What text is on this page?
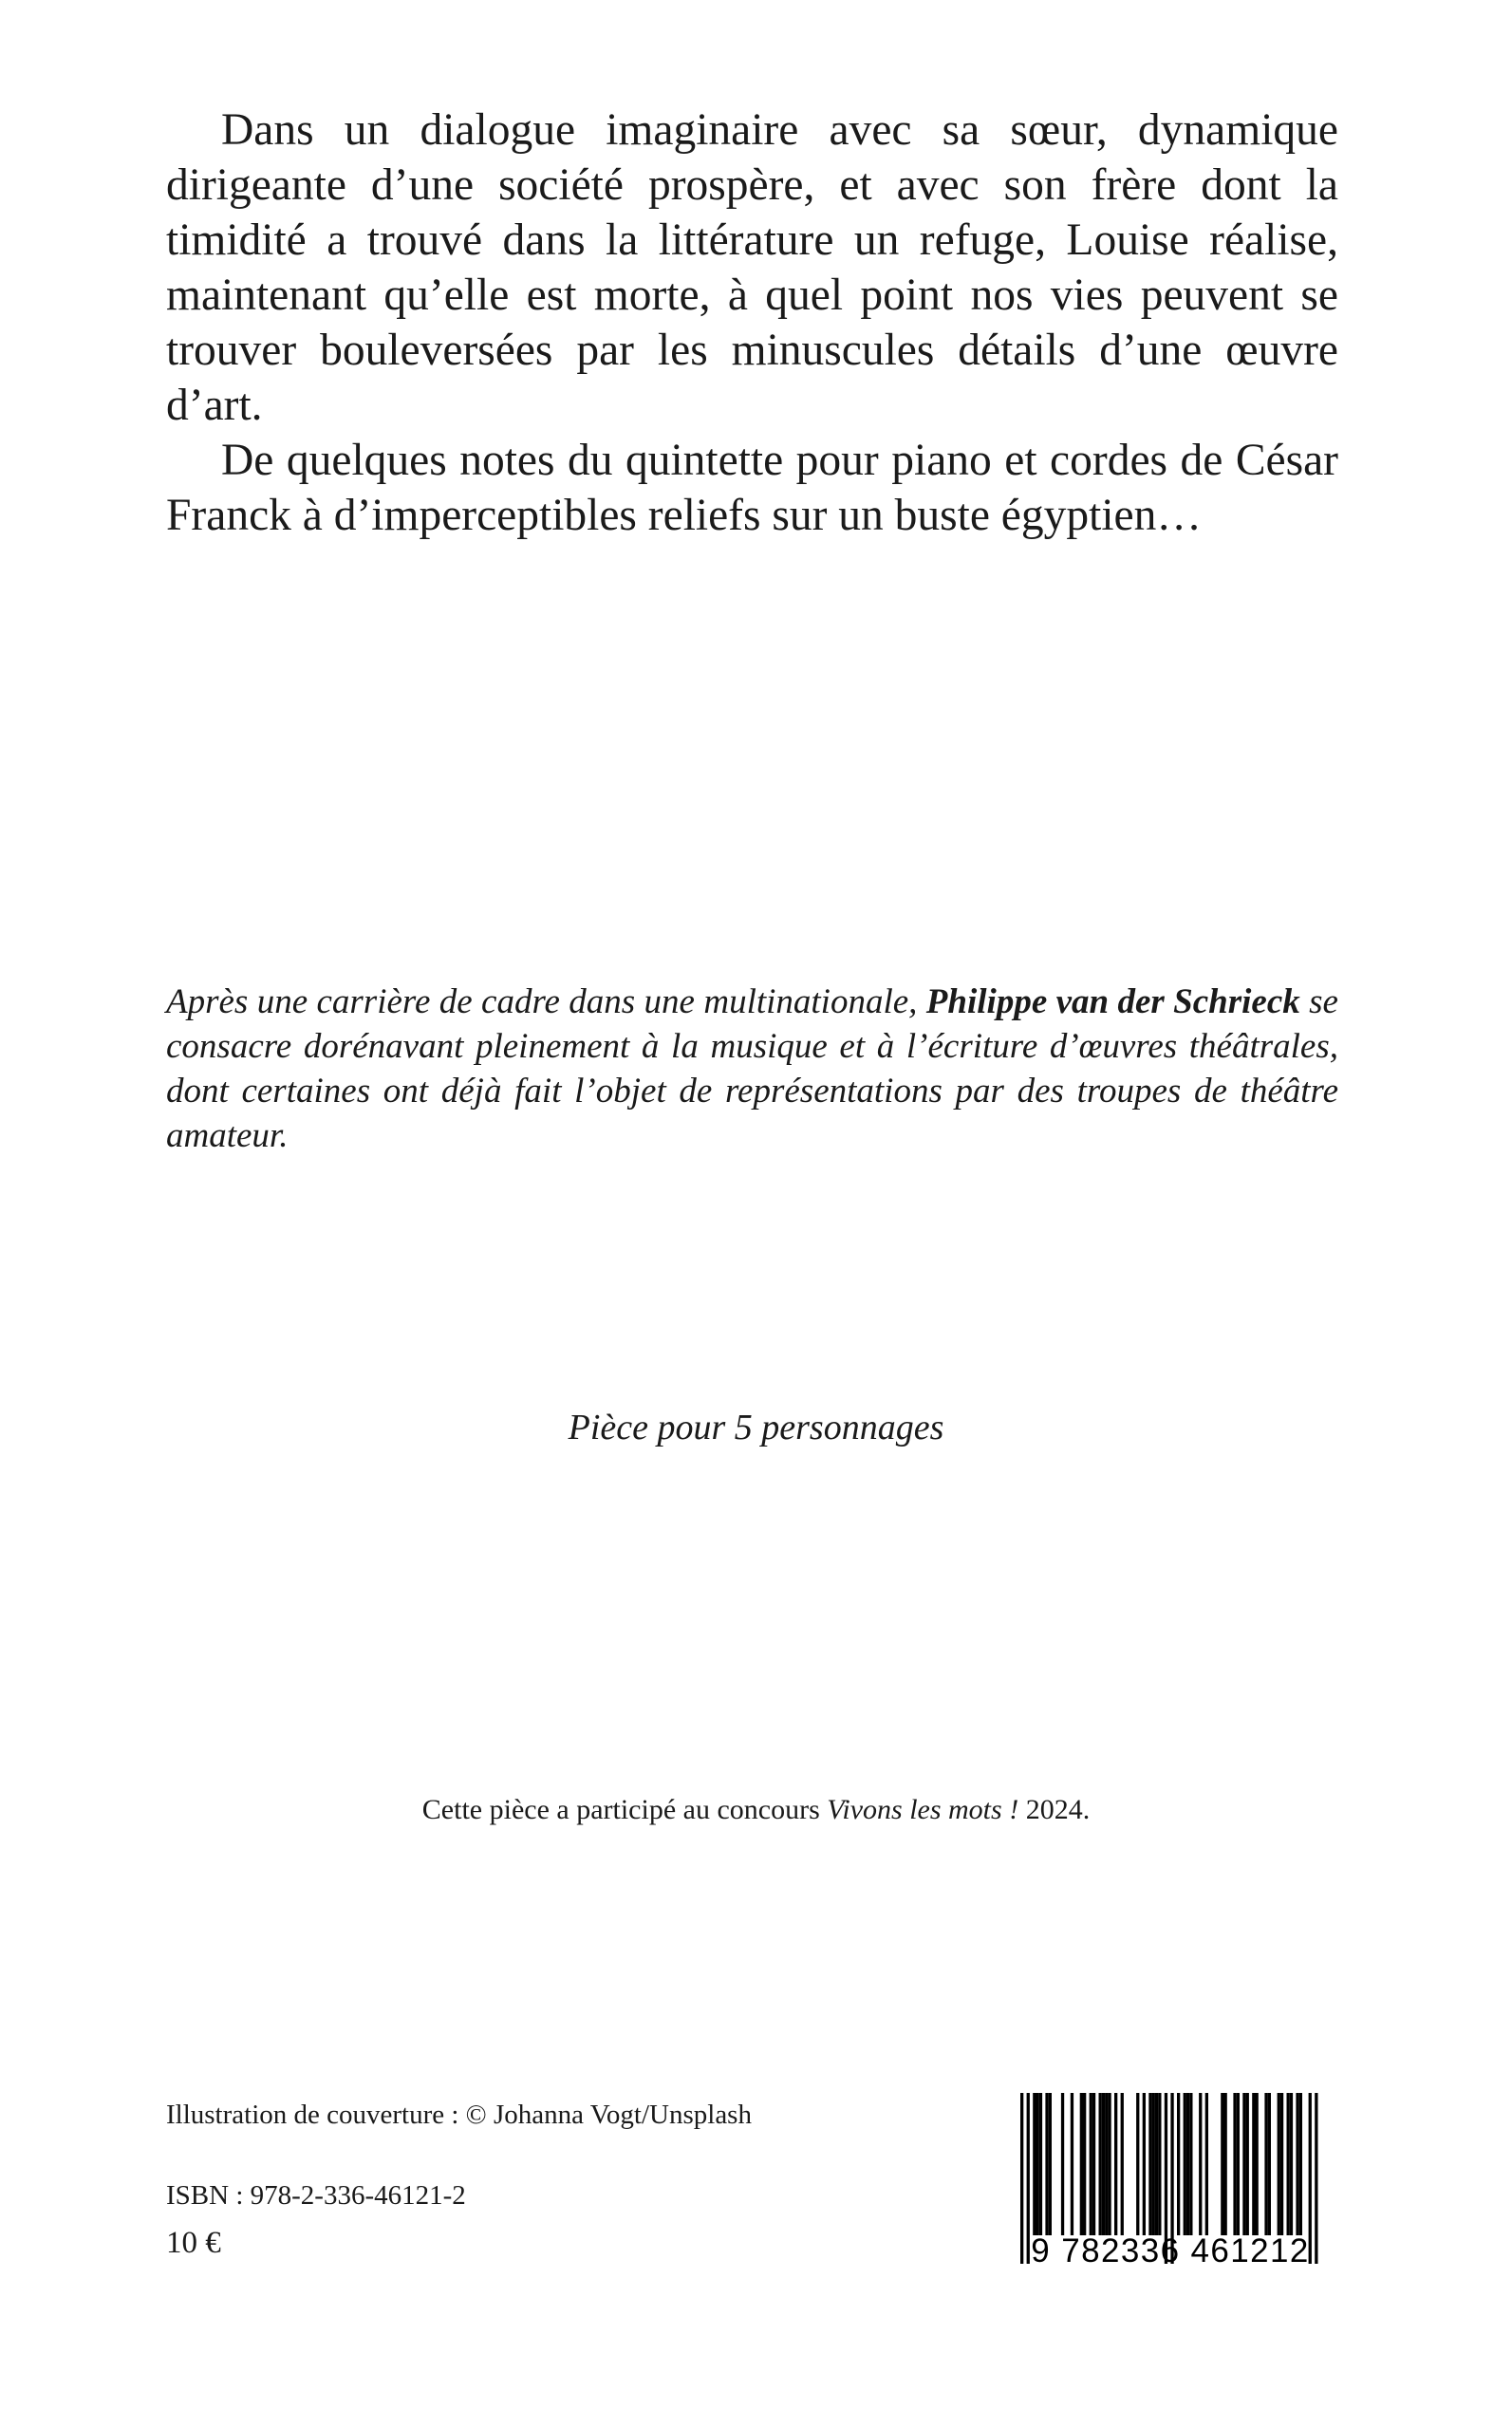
Dans un dialogue imaginaire avec sa sœur, dynamique dirigeante d’une société prospère, et avec son frère dont la timidité a trouvé dans la littérature un refuge, Louise réalise, maintenant qu’elle est morte, à quel point nos vies peuvent se trouver bouleversées par les minuscules détails d’une œuvre d’art.

De quelques notes du quintette pour piano et cordes de César Franck à d’imperceptibles reliefs sur un buste égyptien…

Après une carrière de cadre dans une multinationale, Philippe van der Schrieck se consacre dorénavant pleinement à la musique et à l’écriture d’œuvres théâtrales, dont certaines ont déjà fait l’objet de représentations par des troupes de théâtre amateur.
Pièce pour 5 personnages
Cette pièce a participé au concours Vivons les mots ! 2024.
Illustration de couverture : © Johanna Vogt/Unsplash
ISBN : 978-2-336-46121-2
10 €	9 782336 461212
